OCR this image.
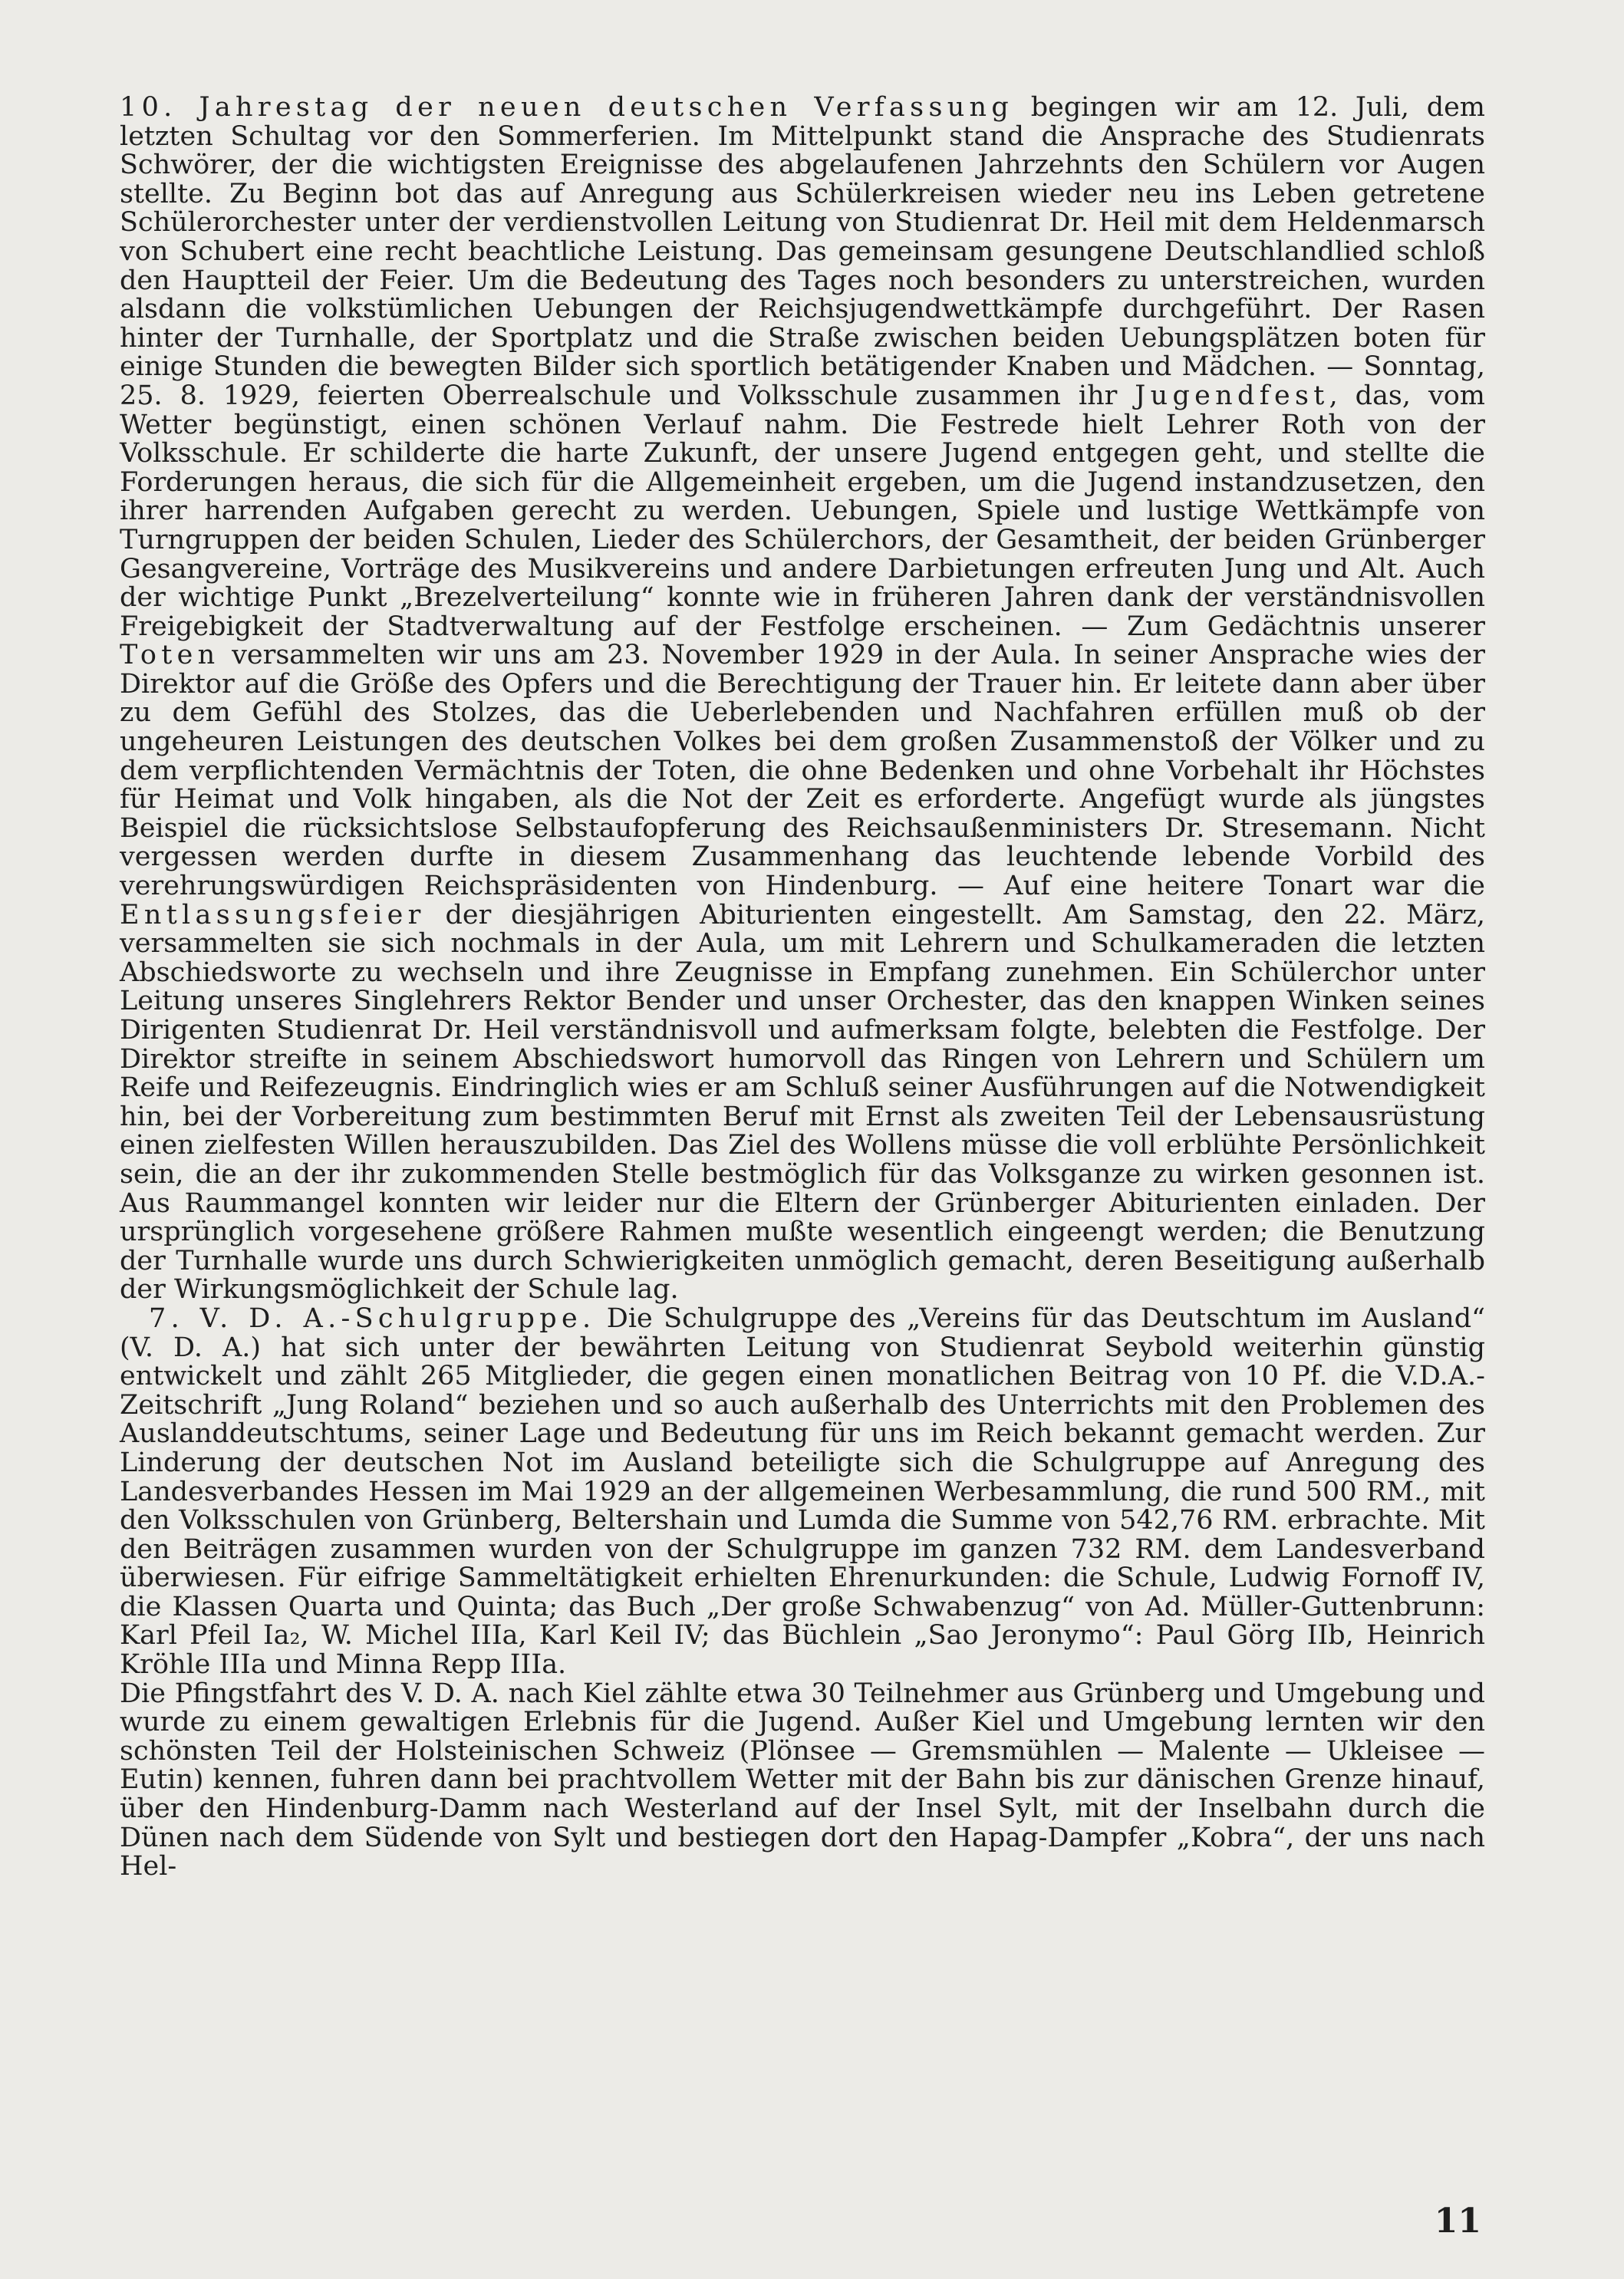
10. Jahrestag der neuen deutschen Verfassung begingen wir am 12. Juli, dem letzten Schultag vor den Sommerferien. Im Mittelpunkt stand die Ansprache des Studienrats Schwörer, der die wichtigsten Ereignisse des abgelaufenen Jahrzehnts den Schülern vor Augen stellte. Zu Beginn bot das auf Anregung aus Schülerkreisen wieder neu ins Leben getretene Schülerorchester unter der verdienstvollen Leitung von Studienrat Dr. Heil mit dem Heldenmarsch von Schubert eine recht beachtliche Leistung. Das gemeinsam gesungene Deutschlandlied schloß den Hauptteil der Feier. Um die Bedeutung des Tages noch besonders zu unterstreichen, wurden alsdann die volkstümlichen Uebungen der Reichsjugendwettkämpfe durchgeführt. Der Rasen hinter der Turnhalle, der Sportplatz und die Straße zwischen beiden Uebungsplätzen boten für einige Stunden die bewegten Bilder sich sportlich betätigender Knaben und Mädchen. — Sonntag, 25. 8. 1929, feierten Oberrealschule und Volksschule zusammen ihr Jugendfest, das, vom Wetter begünstigt, einen schönen Verlauf nahm. Die Festrede hielt Lehrer Roth von der Volksschule. Er schilderte die harte Zukunft, der unsere Jugend entgegen geht, und stellte die Forderungen heraus, die sich für die Allgemeinheit ergeben, um die Jugend instandzusetzen, den ihrer harrenden Aufgaben gerecht zu werden. Uebungen, Spiele und lustige Wettkämpfe von Turngruppen der beiden Schulen, Lieder des Schülerchors, der Gesamtheit, der beiden Grünberger Gesangvereine, Vorträge des Musikvereins und andere Darbietungen erfreuten Jung und Alt. Auch der wichtige Punkt „Brezelverteilung“ konnte wie in früheren Jahren dank der verständnisvollen Freigebigkeit der Stadtverwaltung auf der Festfolge erscheinen. — Zum Gedächtnis unserer Toten versammelten wir uns am 23. November 1929 in der Aula. In seiner Ansprache wies der Direktor auf die Größe des Opfers und die Berechtigung der Trauer hin. Er leitete dann aber über zu dem Gefühl des Stolzes, das die Ueberlebenden und Nachfahren erfüllen muß ob der ungeheuren Leistungen des deutschen Volkes bei dem großen Zusammenstoß der Völker und zu dem verpflichtenden Vermächtnis der Toten, die ohne Bedenken und ohne Vorbehalt ihr Höchstes für Heimat und Volk hingaben, als die Not der Zeit es erforderte. Angefügt wurde als jüngstes Beispiel die rücksichtslose Selbstaufopferung des Reichsaußenministers Dr. Stresemann. Nicht vergessen werden durfte in diesem Zusammenhang das leuchtende lebende Vorbild des verehrungswürdigen Reichspräsidenten von Hindenburg. — Auf eine heitere Tonart war die Entlassungsfeier der diesjährigen Abiturienten eingestellt. Am Samstag, den 22. März, versammelten sie sich nochmals in der Aula, um mit Lehrern und Schulkameraden die letzten Abschiedsworte zu wechseln und ihre Zeugnisse in Empfang zunehmen. Ein Schülerchor unter Leitung unseres Singlehrers Rektor Bender und unser Orchester, das den knappen Winken seines Dirigenten Studienrat Dr. Heil verständnisvoll und aufmerksam folgte, belebten die Festfolge. Der Direktor streifte in seinem Abschiedswort humorvoll das Ringen von Lehrern und Schülern um Reife und Reifezeugnis. Eindringlich wies er am Schluß seiner Ausführungen auf die Notwendigkeit hin, bei der Vorbereitung zum bestimmten Beruf mit Ernst als zweiten Teil der Lebensausrüstung einen zielfesten Willen herauszubilden. Das Ziel des Wollens müsse die voll erblühte Persönlichkeit sein, die an der ihr zukommenden Stelle bestmöglich für das Volksganze zu wirken gesonnen ist. Aus Raummangel konnten wir leider nur die Eltern der Grünberger Abiturienten einladen. Der ursprünglich vorgesehene größere Rahmen mußte wesentlich eingeengt werden; die Benutzung der Turnhalle wurde uns durch Schwierigkeiten unmöglich gemacht, deren Beseitigung außerhalb der Wirkungsmöglichkeit der Schule lag.

7. V. D. A.-Schulgruppe. Die Schulgruppe des „Vereins für das Deutschtum im Ausland“ (V. D. A.) hat sich unter der bewährten Leitung von Studienrat Seybold weiterhin günstig entwickelt und zählt 265 Mitglieder, die gegen einen monatlichen Beitrag von 10 Pf. die V.D.A.-Zeitschrift „Jung Roland“ beziehen und so auch außerhalb des Unterrichts mit den Problemen des Auslanddeutschtums, seiner Lage und Bedeutung für uns im Reich bekannt gemacht werden. Zur Linderung der deutschen Not im Ausland beteiligte sich die Schulgruppe auf Anregung des Landesverbandes Hessen im Mai 1929 an der allgemeinen Werbesammlung, die rund 500 RM., mit den Volksschulen von Grünberg, Beltershain und Lumda die Summe von 542,76 RM. erbrachte. Mit den Beiträgen zusammen wurden von der Schulgruppe im ganzen 732 RM. dem Landesverband überwiesen. Für eifrige Sammeltätigkeit erhielten Ehrenurkunden: die Schule, Ludwig Fornoff IV, die Klassen Quarta und Quinta; das Buch „Der große Schwabenzug“ von Ad. Müller-Guttenbrunn: Karl Pfeil Ia₂, W. Michel IIIa, Karl Keil IV; das Büchlein „Sao Jeronymo“: Paul Görg IIb, Heinrich Kröhle IIIa und Minna Repp IIIa.

Die Pfingstfahrt des V. D. A. nach Kiel zählte etwa 30 Teilnehmer aus Grünberg und Umgebung und wurde zu einem gewaltigen Erlebnis für die Jugend. Außer Kiel und Umgebung lernten wir den schönsten Teil der Holsteinischen Schweiz (Plönsee — Gremsmühlen — Malente — Ukleisee — Eutin) kennen, fuhren dann bei prachtvollem Wetter mit der Bahn bis zur dänischen Grenze hinauf, über den Hindenburg-Damm nach Westerland auf der Insel Sylt, mit der Inselbahn durch die Dünen nach dem Südende von Sylt und bestiegen dort den Hapag-Dampfer „Kobra“, der uns nach Hel-

11
